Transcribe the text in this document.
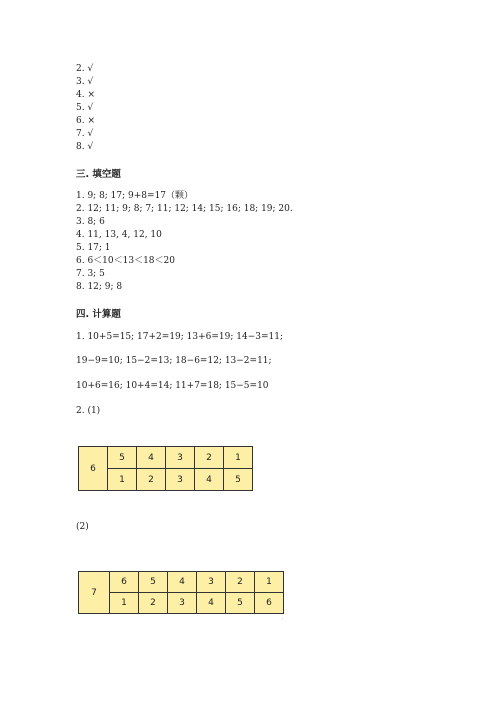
2. √
3. √
4. ×
5. √
6. ×
7. √
8. √
三. 填空题
1. 9; 8; 17; 9+8=17（颗）
2. 12; 11; 9; 8; 7; 11; 12; 14; 15; 16; 18; 19; 20.
3. 8; 6
4. 11, 13, 4, 12, 10
5. 17; 1
6. 6＜10＜13＜18＜20
7. 3; 5
8. 12; 9; 8
四. 计算题
1. 10+5=15; 17+2=19; 13+6=19; 14−3=11;
19−9=10; 15−2=13; 18−6=12; 13−2=11;
10+6=16; 10+4=14; 11+7=18; 15−5=10
2. (1)
6	5	4	3	2	1
	1	2	3	4	5
(2)
7	6	5	4	3	2	1
	1	2	3	4	5	6
,
